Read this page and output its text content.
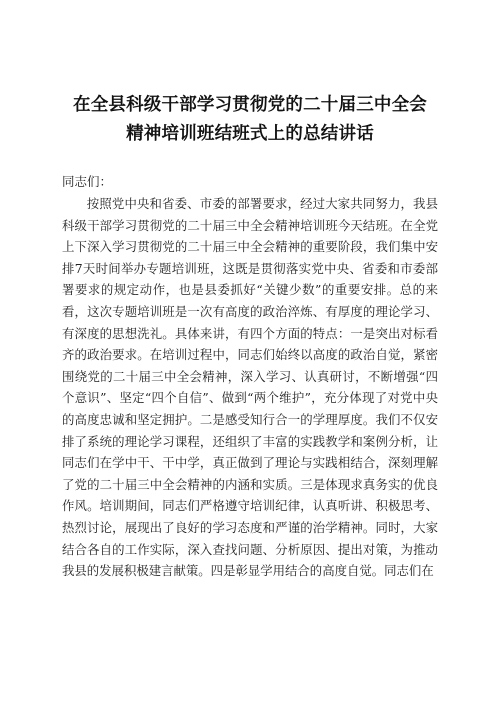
在全县科级干部学习贯彻党的二十届三中全会
精神培训班结班式上的总结讲话
同志们：

按照党中央和省委、市委的部署要求，经过大家共同努力，我县科级干部学习贯彻党的二十届三中全会精神培训班今天结班。在全党上下深入学习贯彻党的二十届三中全会精神的重要阶段，我们集中安排7天时间举办专题培训班，这既是贯彻落实党中央、省委和市委部署要求的规定动作，也是县委抓好“关键少数”的重要安排。总的来看，这次专题培训班是一次有高度的政治淬炼、有厚度的理论学习、有深度的思想洗礼。具体来讲，有四个方面的特点：一是突出对标看齐的政治要求。在培训过程中，同志们始终以高度的政治自觉，紧密围绕党的二十届三中全会精神，深入学习、认真研讨，不断增强“四个意识”、坚定“四个自信”、做到“两个维护”，充分体现了对党中央的高度忠诚和坚定拥护。二是感受知行合一的学理厚度。我们不仅安排了系统的理论学习课程，还组织了丰富的实践教学和案例分析，让同志们在学中干、干中学，真正做到了理论与实践相结合，深刻理解了党的二十届三中全会精神的内涵和实质。三是体现求真务实的优良作风。培训期间，同志们严格遵守培训纪律，认真听讲、积极思考、热烈讨论，展现出了良好的学习态度和严谨的治学精神。同时，大家结合各自的工作实际，深入查找问题、分析原因、提出对策，为推动我县的发展积极建言献策。四是彰显学用结合的高度自觉。同志们在
